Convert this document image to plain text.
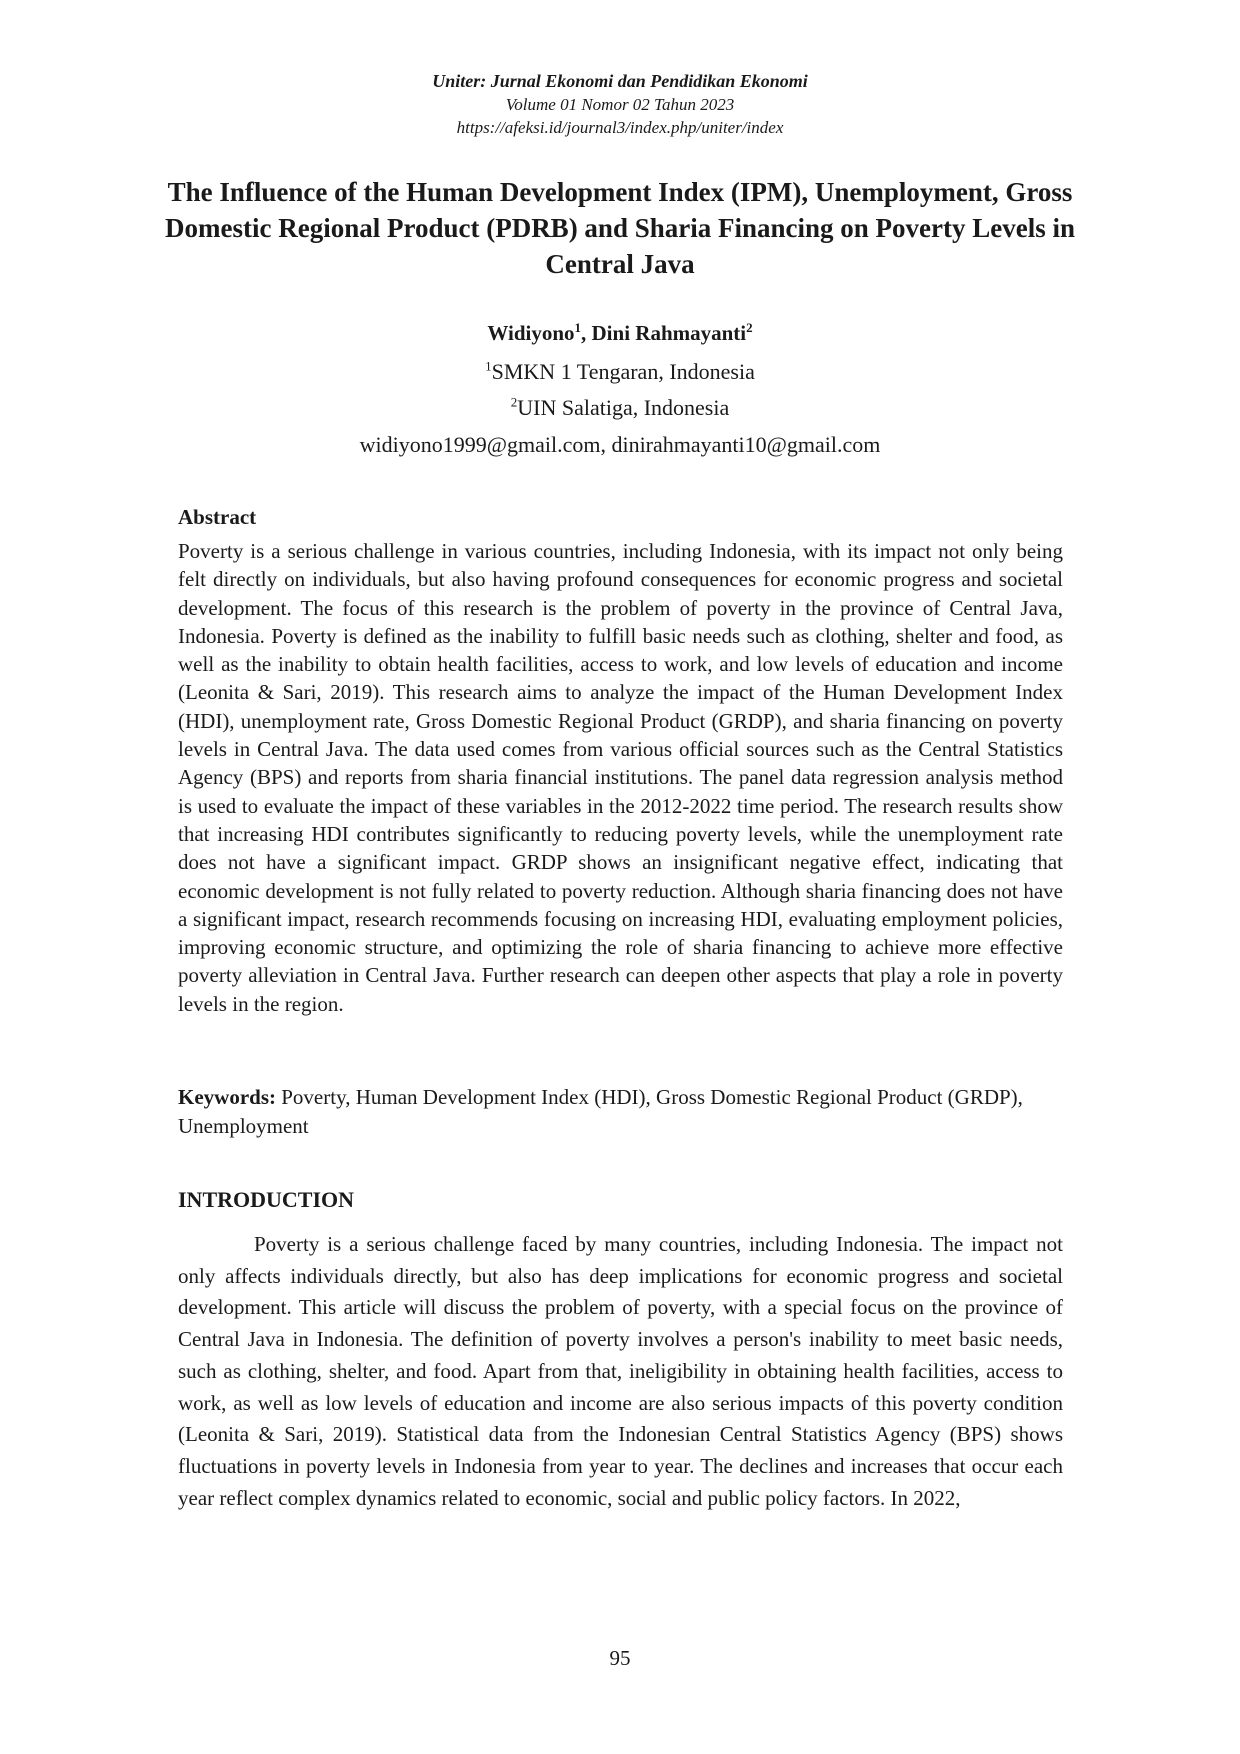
Uniter: Jurnal Ekonomi dan Pendidikan Ekonomi
Volume 01 Nomor 02 Tahun 2023
https://afeksi.id/journal3/index.php/uniter/index
The Influence of the Human Development Index (IPM), Unemployment, Gross Domestic Regional Product (PDRB) and Sharia Financing on Poverty Levels in Central Java
Widiyono$^1$, Dini Rahmayanti$^2$
$^1$SMKN 1 Tengaran, Indonesia
$^2$UIN Salatiga, Indonesia
widiyono1999@gmail.com, dinirahmayanti10@gmail.com
Abstract

Poverty is a serious challenge in various countries, including Indonesia, with its impact not only being felt directly on individuals, but also having profound consequences for economic progress and societal development. The focus of this research is the problem of poverty in the province of Central Java, Indonesia. Poverty is defined as the inability to fulfill basic needs such as clothing, shelter and food, as well as the inability to obtain health facilities, access to work, and low levels of education and income (Leonita & Sari, 2019). This research aims to analyze the impact of the Human Development Index (HDI), unemployment rate, Gross Domestic Regional Product (GRDP), and sharia financing on poverty levels in Central Java. The data used comes from various official sources such as the Central Statistics Agency (BPS) and reports from sharia financial institutions. The panel data regression analysis method is used to evaluate the impact of these variables in the 2012-2022 time period. The research results show that increasing HDI contributes significantly to reducing poverty levels, while the unemployment rate does not have a significant impact. GRDP shows an insignificant negative effect, indicating that economic development is not fully related to poverty reduction. Although sharia financing does not have a significant impact, research recommends focusing on increasing HDI, evaluating employment policies, improving economic structure, and optimizing the role of sharia financing to achieve more effective poverty alleviation in Central Java. Further research can deepen other aspects that play a role in poverty levels in the region.

Keywords: Poverty, Human Development Index (HDI), Gross Domestic Regional Product (GRDP), Unemployment

INTRODUCTION

Poverty is a serious challenge faced by many countries, including Indonesia. The impact not only affects individuals directly, but also has deep implications for economic progress and societal development. This article will discuss the problem of poverty, with a special focus on the province of Central Java in Indonesia. The definition of poverty involves a person's inability to meet basic needs, such as clothing, shelter, and food. Apart from that, ineligibility in obtaining health facilities, access to work, as well as low levels of education and income are also serious impacts of this poverty condition (Leonita & Sari, 2019). Statistical data from the Indonesian Central Statistics Agency (BPS) shows fluctuations in poverty levels in Indonesia from year to year. The declines and increases that occur each year reflect complex dynamics related to economic, social and public policy factors. In 2022,

95
